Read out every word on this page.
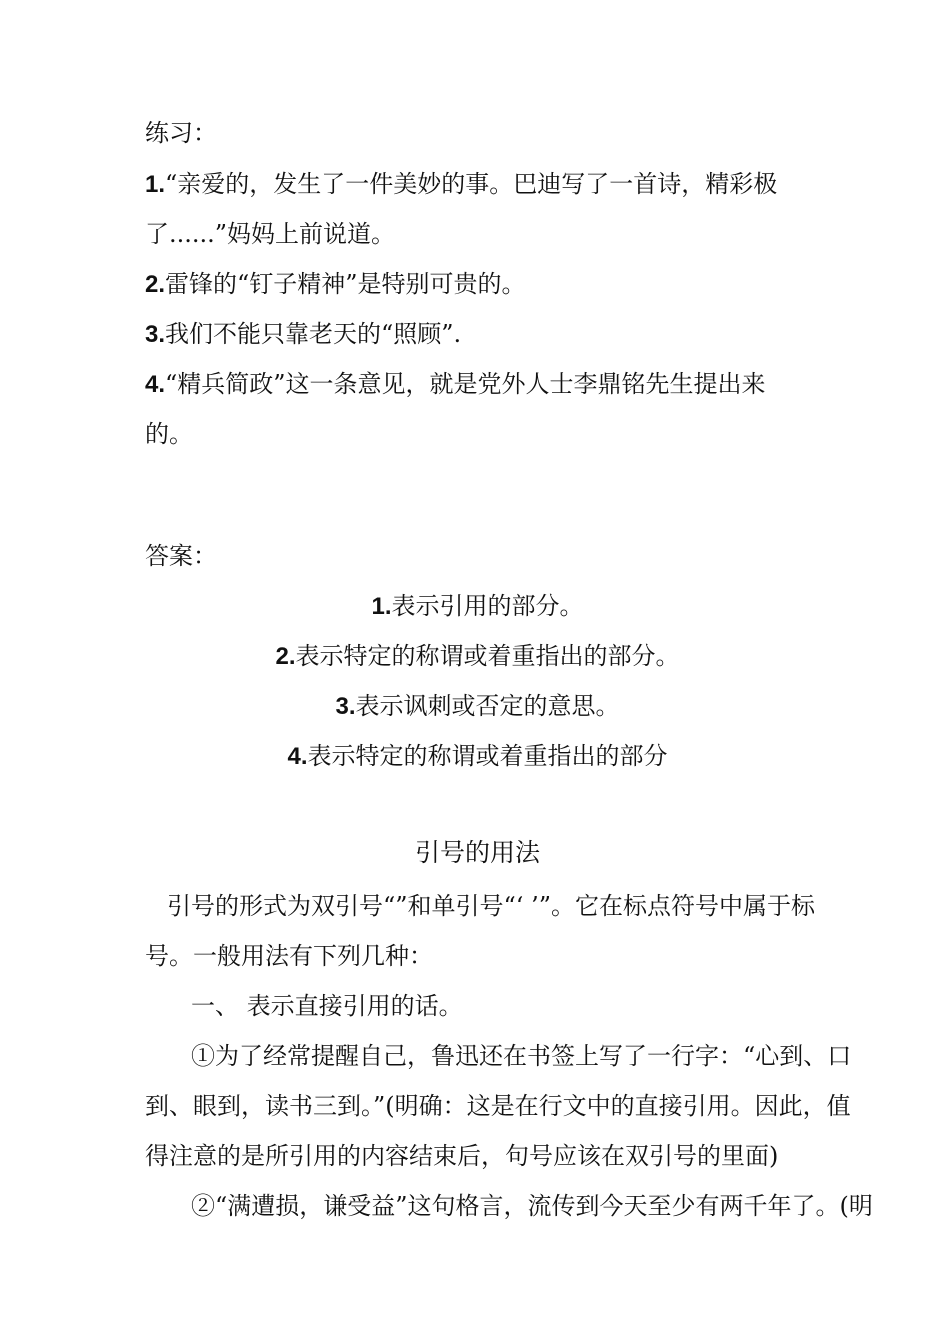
练习：
1.“亲爱的，发生了一件美妙的事。巴迪写了一首诗，精彩极
了......”妈妈上前说道。
2.雷锋的“钉子精神”是特别可贵的。
3.我们不能只靠老天的“照顾”.
4.“精兵简政”这一条意见，就是党外人士李鼎铭先生提出来
的。
答案：
1.表示引用的部分。
2.表示特定的称谓或着重指出的部分。
3.表示讽刺或否定的意思。
4.表示特定的称谓或着重指出的部分
引号的用法
引号的形式为双引号“”和单引号“‘ ’”。它在标点符号中属于标
号。一般用法有下列几种：
一、 表示直接引用的话。
①为了经常提醒自己，鲁迅还在书签上写了一行字：“心到、口
到、眼到，读书三到。”(明确：这是在行文中的直接引用。因此，值
得注意的是所引用的内容结束后，句号应该在双引号的里面)
②“满遭损，谦受益”这句格言，流传到今天至少有两千年了。(明
